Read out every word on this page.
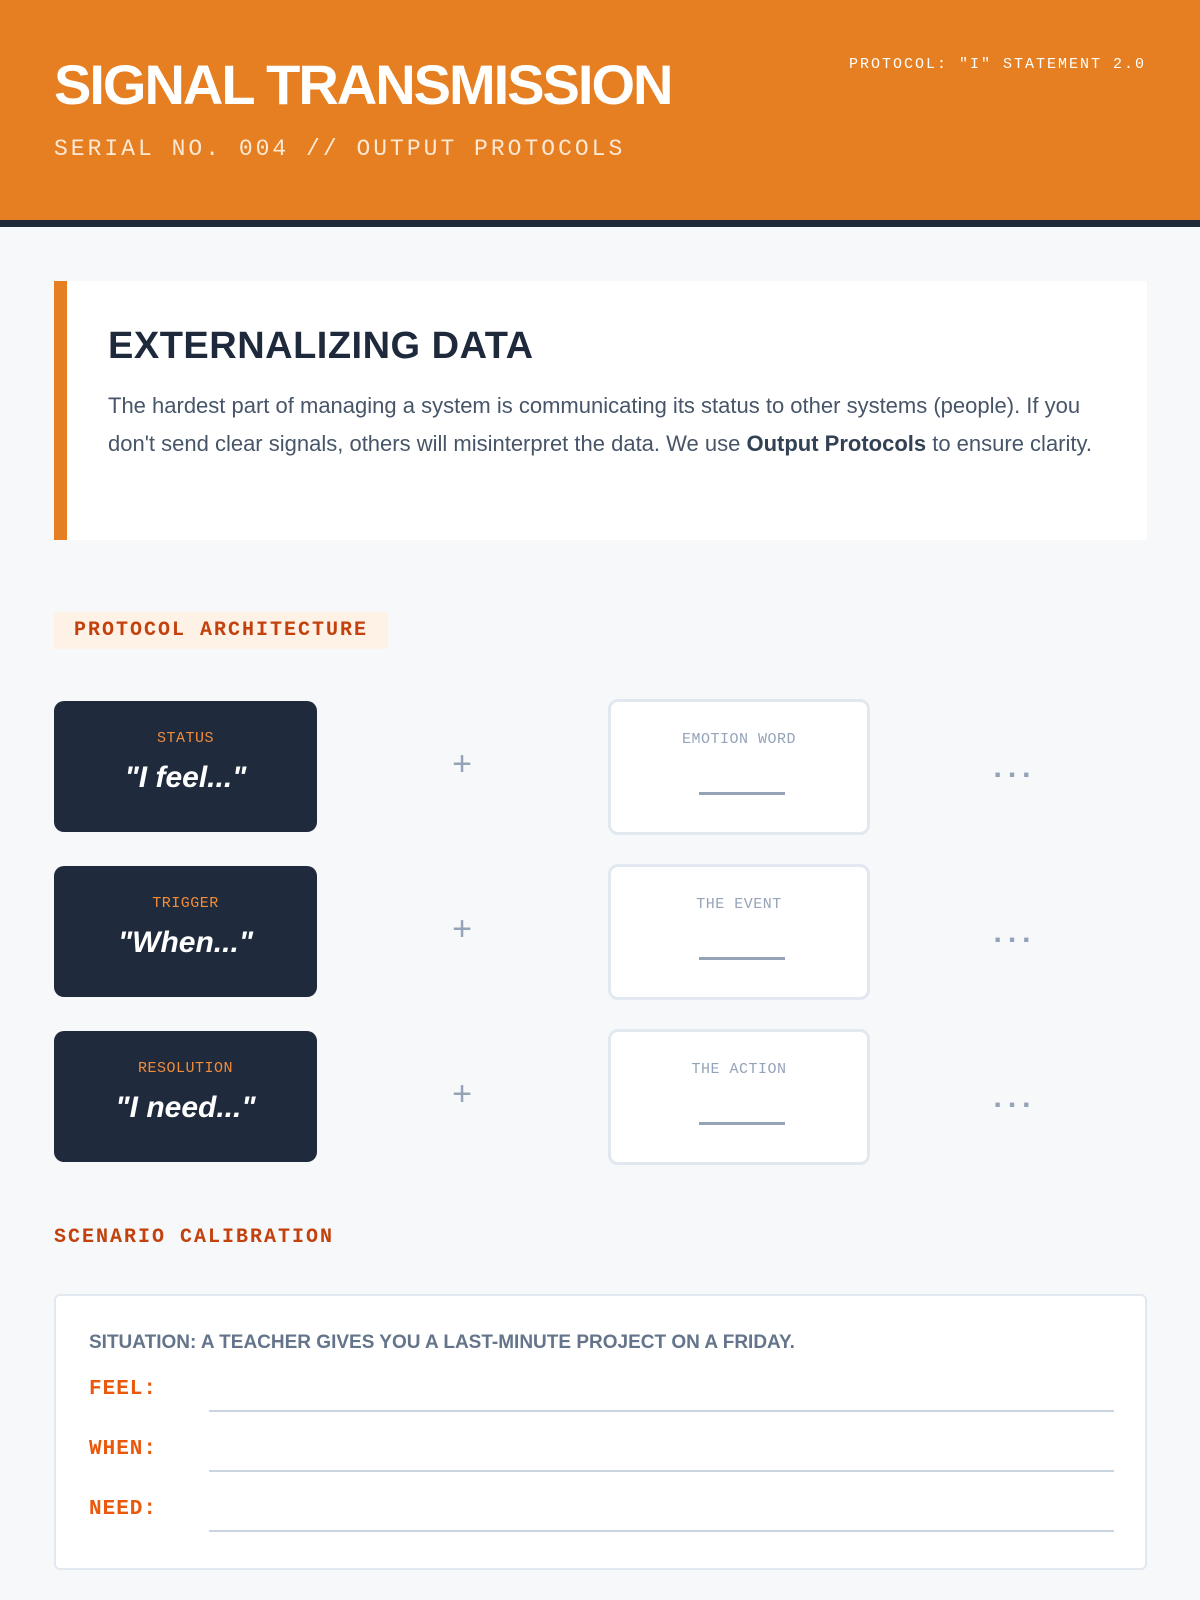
SIGNAL TRANSMISSION
SERIAL NO. 004 // OUTPUT PROTOCOLS
PROTOCOL: "I" STATEMENT 2.0
EXTERNALIZING DATA

The hardest part of managing a system is communicating its status to other systems (people). If you don't send clear signals, others will misinterpret the data. We use Output Protocols to ensure clarity.

PROTOCOL ARCHITECTURE
STATUS
"I feel..."	+
EMOTION WORD
...
TRIGGER
"When..."	+
THE EVENT
...
RESOLUTION
"I need..."	+
THE ACTION
...
SCENARIO CALIBRATION
SITUATION: A TEACHER GIVES YOU A LAST-MINUTE PROJECT ON A FRIDAY.
FEEL:
WHEN:
NEED:
